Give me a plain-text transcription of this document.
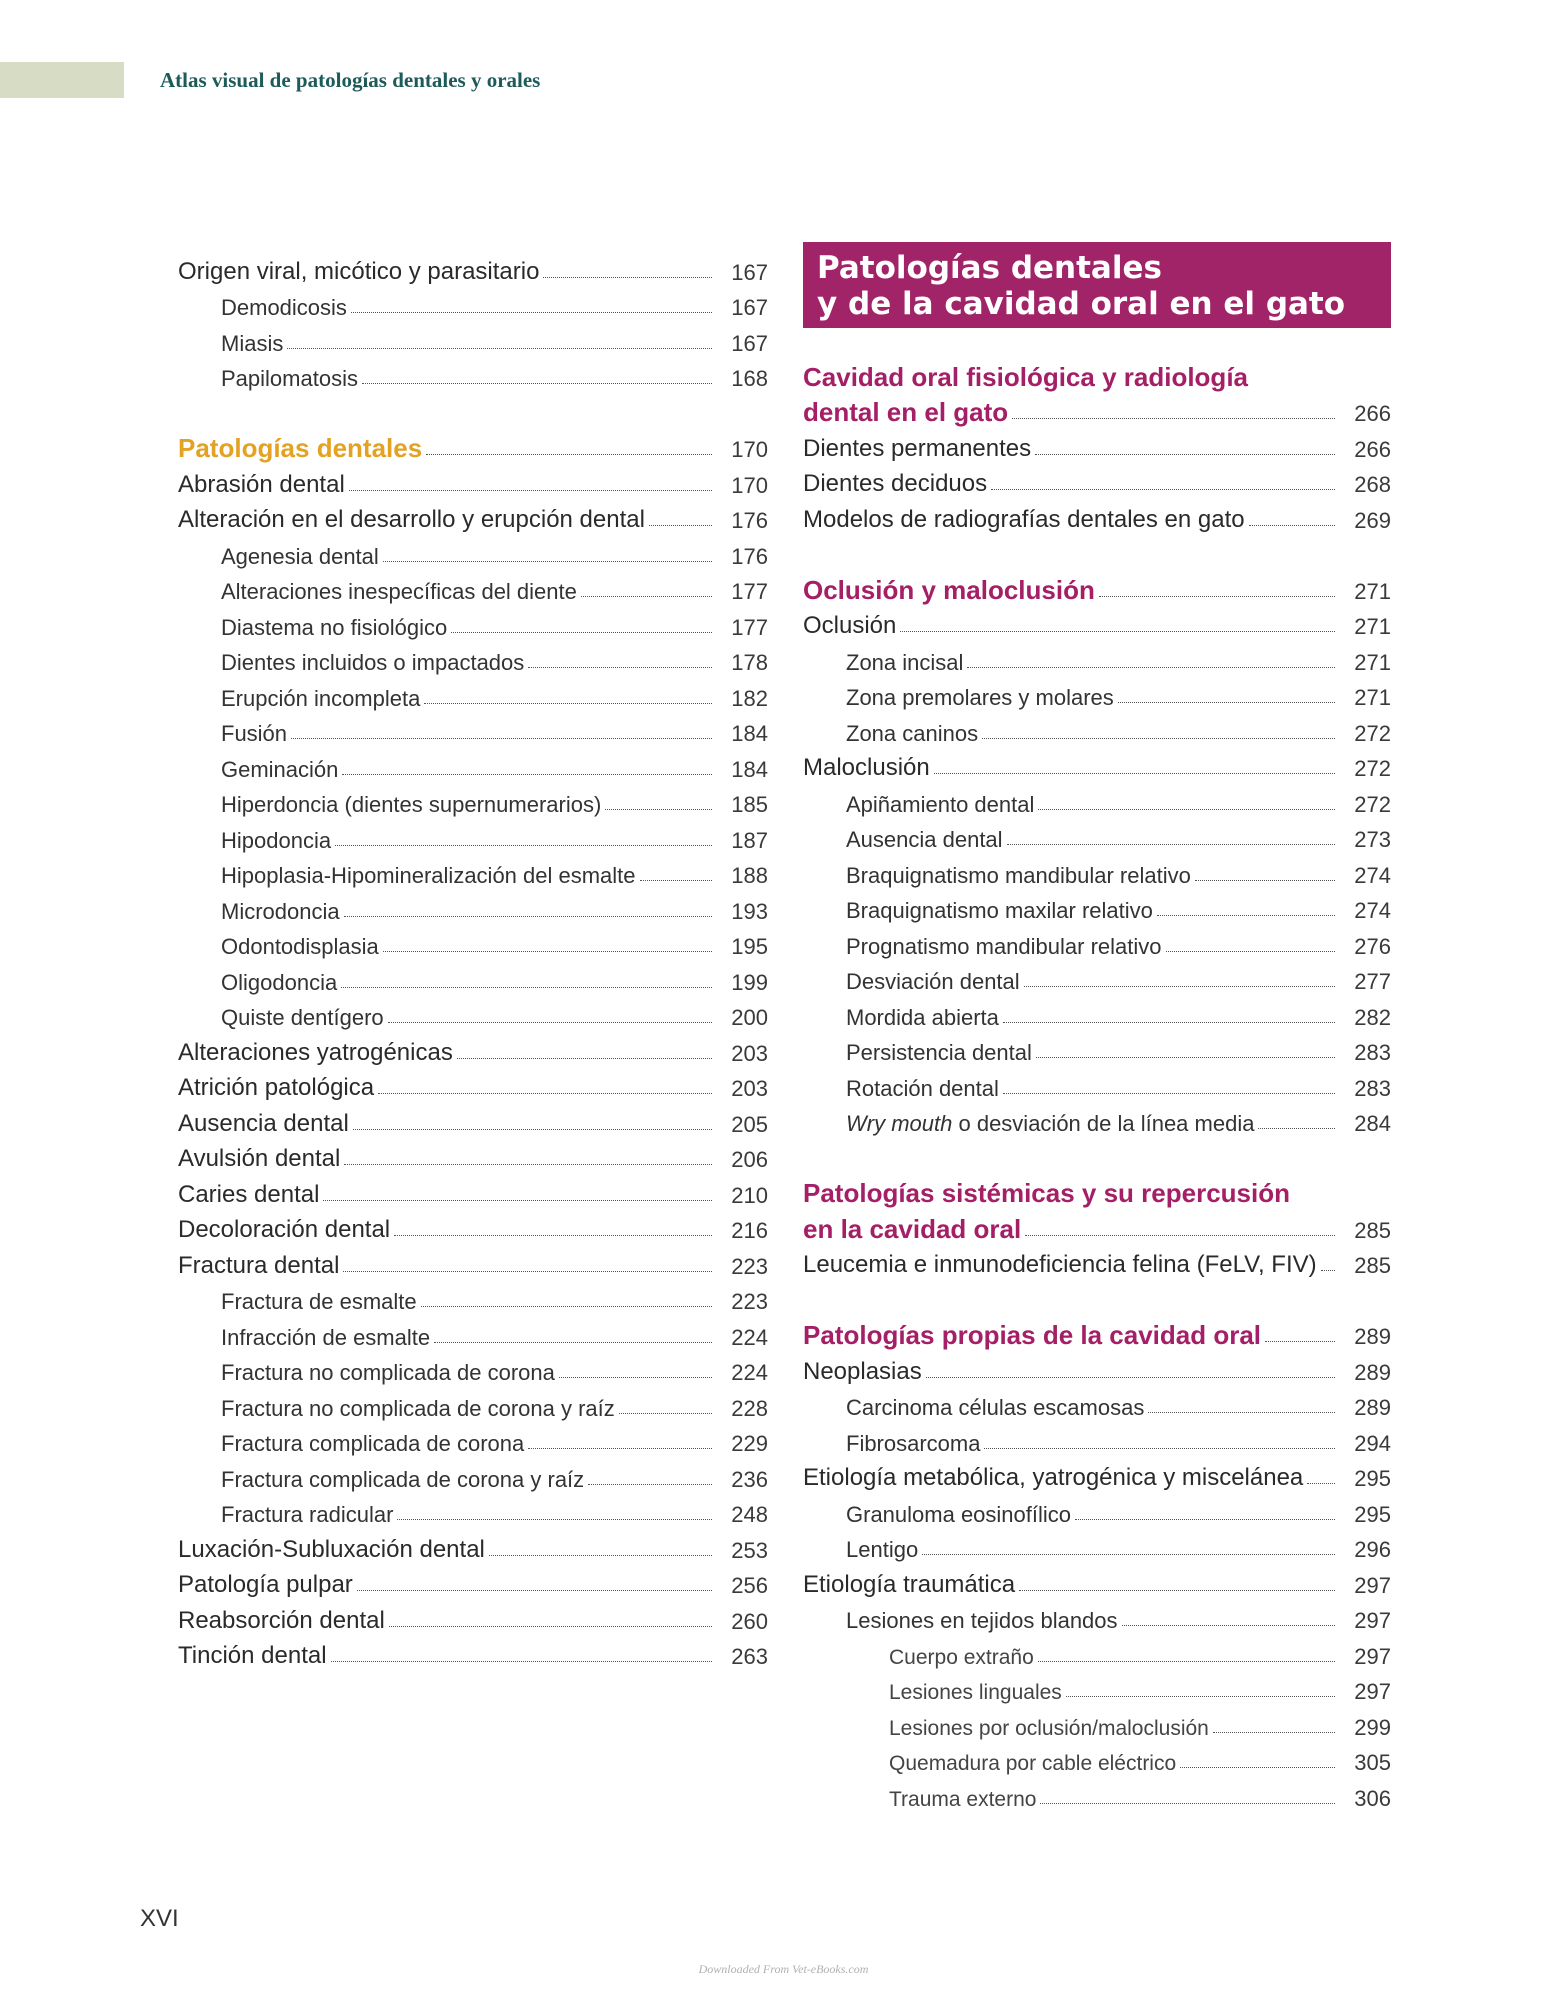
Atlas visual de patologías dentales y orales
Origen viral, micótico y parasitario	167
Demodicosis	167
Miasis	167
Papilomatosis	168
Patologías dentales	170
Abrasión dental	170
Alteración en el desarrollo y erupción dental	176
Agenesia dental	176
Alteraciones inespecíficas del diente	177
Diastema no fisiológico	177
Dientes incluidos o impactados	178
Erupción incompleta	182
Fusión	184
Geminación	184
Hiperdoncia (dientes supernumerarios)	185
Hipodoncia	187
Hipoplasia-Hipomineralización del esmalte	188
Microdoncia	193
Odontodisplasia	195
Oligodoncia	199
Quiste dentígero	200
Alteraciones yatrogénicas	203
Atrición patológica	203
Ausencia dental	205
Avulsión dental	206
Caries dental	210
Decoloración dental	216
Fractura dental	223
Fractura de esmalte	223
Infracción de esmalte	224
Fractura no complicada de corona	224
Fractura no complicada de corona y raíz	228
Fractura complicada de corona	229
Fractura complicada de corona y raíz	236
Fractura radicular	248
Luxación-Subluxación dental	253
Patología pulpar	256
Reabsorción dental	260
Tinción dental	263
Patologías dentales
y de la cavidad oral en el gato
Cavidad oral fisiológica y radiología
dental en el gato	266
Dientes permanentes	266
Dientes deciduos	268
Modelos de radiografías dentales en gato	269
Oclusión y maloclusión	271
Oclusión	271
Zona incisal	271
Zona premolares y molares	271
Zona caninos	272
Maloclusión	272
Apiñamiento dental	272
Ausencia dental	273
Braquignatismo mandibular relativo	274
Braquignatismo maxilar relativo	274
Prognatismo mandibular relativo	276
Desviación dental	277
Mordida abierta	282
Persistencia dental	283
Rotación dental	283
Wry mouth o desviación de la línea media	284
Patologías sistémicas y su repercusión
en la cavidad oral	285
Leucemia e inmunodeficiencia felina (FeLV, FIV)	285
Patologías propias de la cavidad oral	289
Neoplasias	289
Carcinoma células escamosas	289
Fibrosarcoma	294
Etiología metabólica, yatrogénica y miscelánea	295
Granuloma eosinofílico	295
Lentigo	296
Etiología traumática	297
Lesiones en tejidos blandos	297
Cuerpo extraño	297
Lesiones linguales	297
Lesiones por oclusión/maloclusión	299
Quemadura por cable eléctrico	305
Trauma externo	306
XVI
Downloaded From Vet-eBooks.com
